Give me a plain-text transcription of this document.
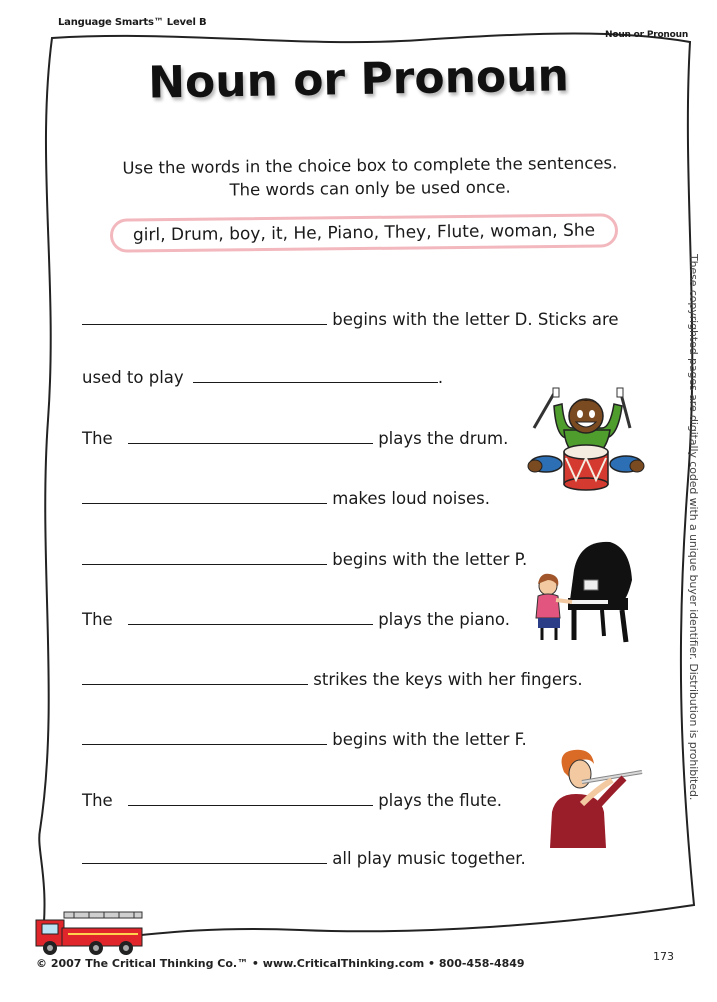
Language Smarts™ Level B
Noun or Pronoun
Noun or Pronoun
Use the words in the choice box to complete the sentences. The words can only be used once.
girl, Drum, boy, it, He, Piano, They, Flute, woman, She
begins with the letter D. Sticks are
used to play	.
The	plays the drum.
makes loud noises.
begins with the letter P.
The	plays the piano.
strikes the keys with her fingers.
begins with the letter F.
The	plays the flute.
all play music together.
These copyrighted pages are digitally coded with a unique buyer identifier. Distribution is prohibited.
© 2007 The Critical Thinking Co.™ • www.CriticalThinking.com • 800-458-4849
173
